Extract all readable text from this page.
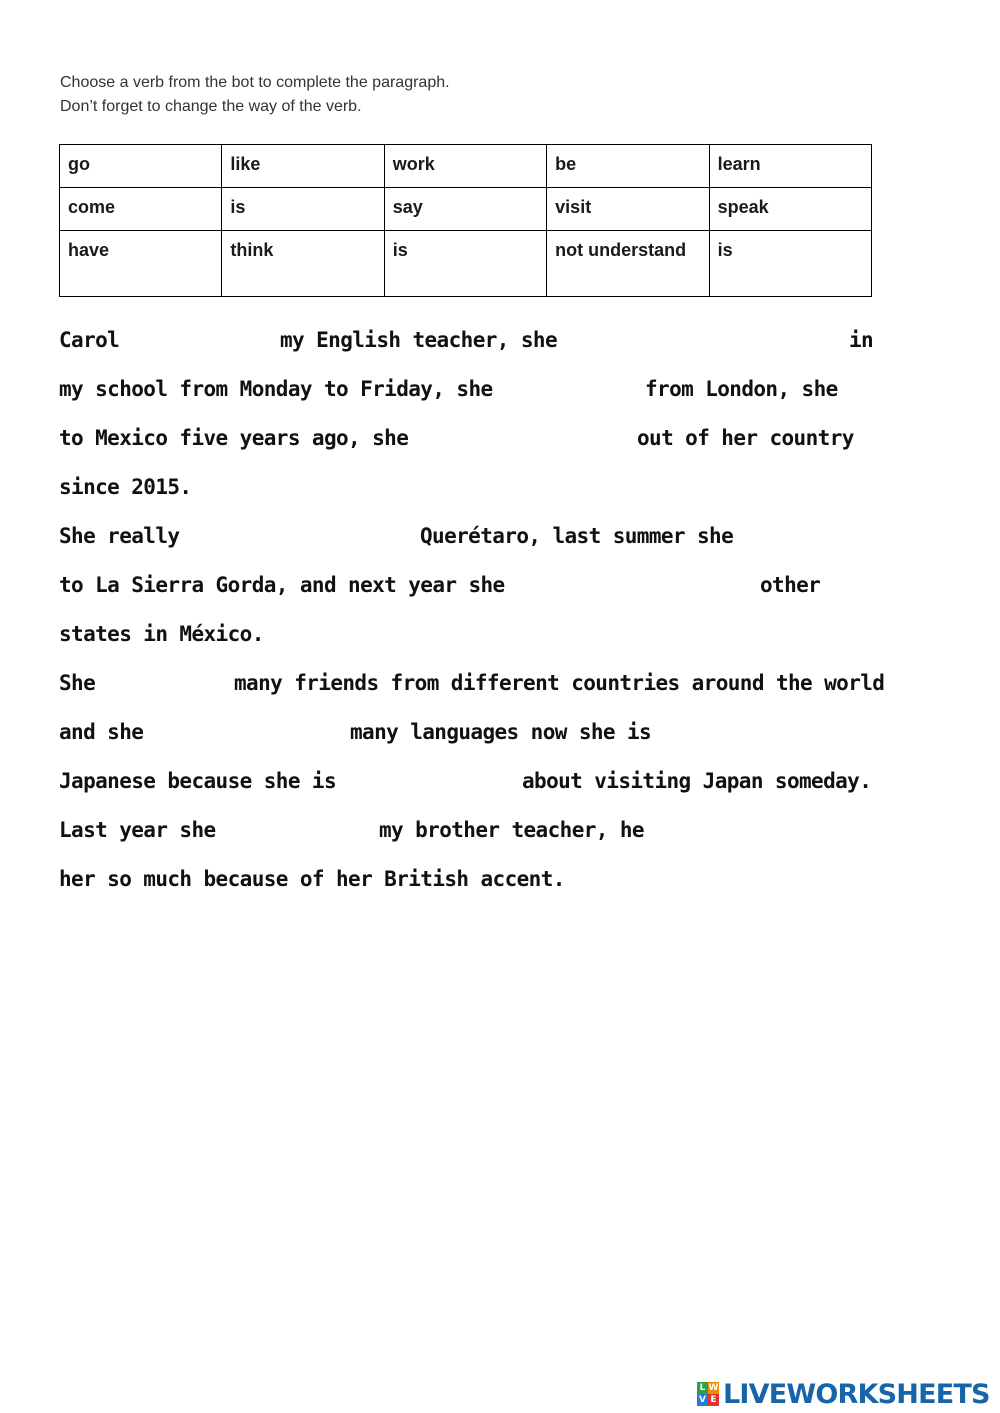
Choose a verb from the bot to complete the paragraph.
Don’t forget to change the way of the verb.
go	like	work	be	learn
come	is	say	visit	speak
have	think	is	not understand	is
Carol	my English teacher, she	in
my school from Monday to Friday, she	from London, she
to Mexico five years ago, she	out of her country
since 2015.
She really	Querétaro, last summer she
to La Sierra Gorda, and next year she	other
states in México.
She	many friends from different countries around the world
and she	many languages now she is
Japanese because she is	about visiting Japan someday.
Last year she	my brother teacher, he
her so much because of her British accent.
L W
V E LIVEWORKSHEETS
